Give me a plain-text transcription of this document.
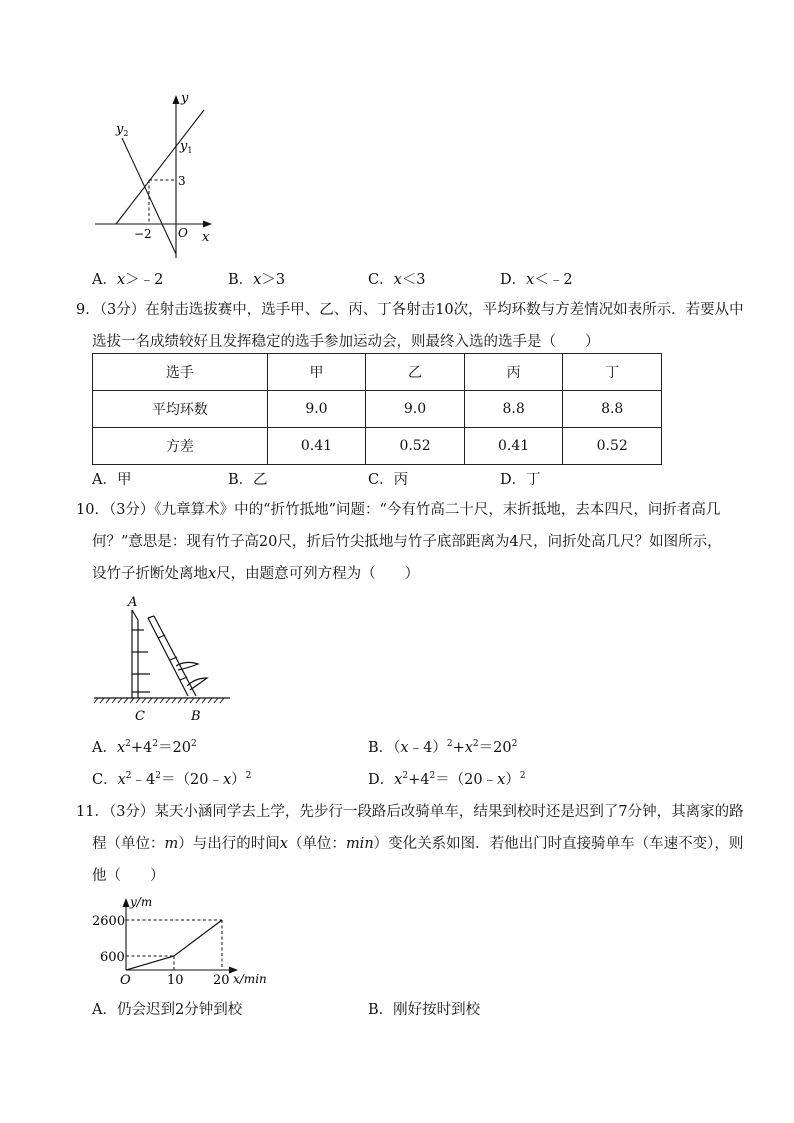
y
x
O
3
−2
$y_1$
$y_2$
A．x＞﹣2	B．x＞3	C．x＜3	D．x＜﹣2
9．（3分）在射击选拔赛中，选手甲、乙、丙、丁各射击10次，平均环数与方差情况如表所示．若要从中
选拔一名成绩较好且发挥稳定的选手参加运动会，则最终入选的选手是（　　）
选手	甲	乙	丙	丁
平均环数	9.0	9.0	8.8	8.8
方差	0.41	0.52	0.41	0.52
A．甲	B．乙	C．丙	D．丁
10．（3分）《九章算术》中的“折竹抵地”问题：“今有竹高二十尺，末折抵地，去本四尺，问折者高几
何？”意思是：现有竹子高20尺，折后竹尖抵地与竹子底部距离为4尺，问折处高几尺？如图所示，
设竹子折断处离地x尺，由题意可列方程为（　　）
A
C	B
A．$x^2+4^2=20^2$	B．$(x﹣4)^2+x^2=20^2$
C．$x^2﹣4^2=(20﹣x)^2$	D．$x^2+4^2=(20﹣x)^2$
11．（3分）某天小涵同学去上学，先步行一段路后改骑单车，结果到校时还是迟到了7分钟，其离家的路
程（单位：m）与出行的时间x（单位：min）变化关系如图．若他出门时直接骑单车（车速不变），则
他（　　）
y/m
2600
600
O	10 20 x/min
A．仍会迟到2分钟到校	B．刚好按时到校
